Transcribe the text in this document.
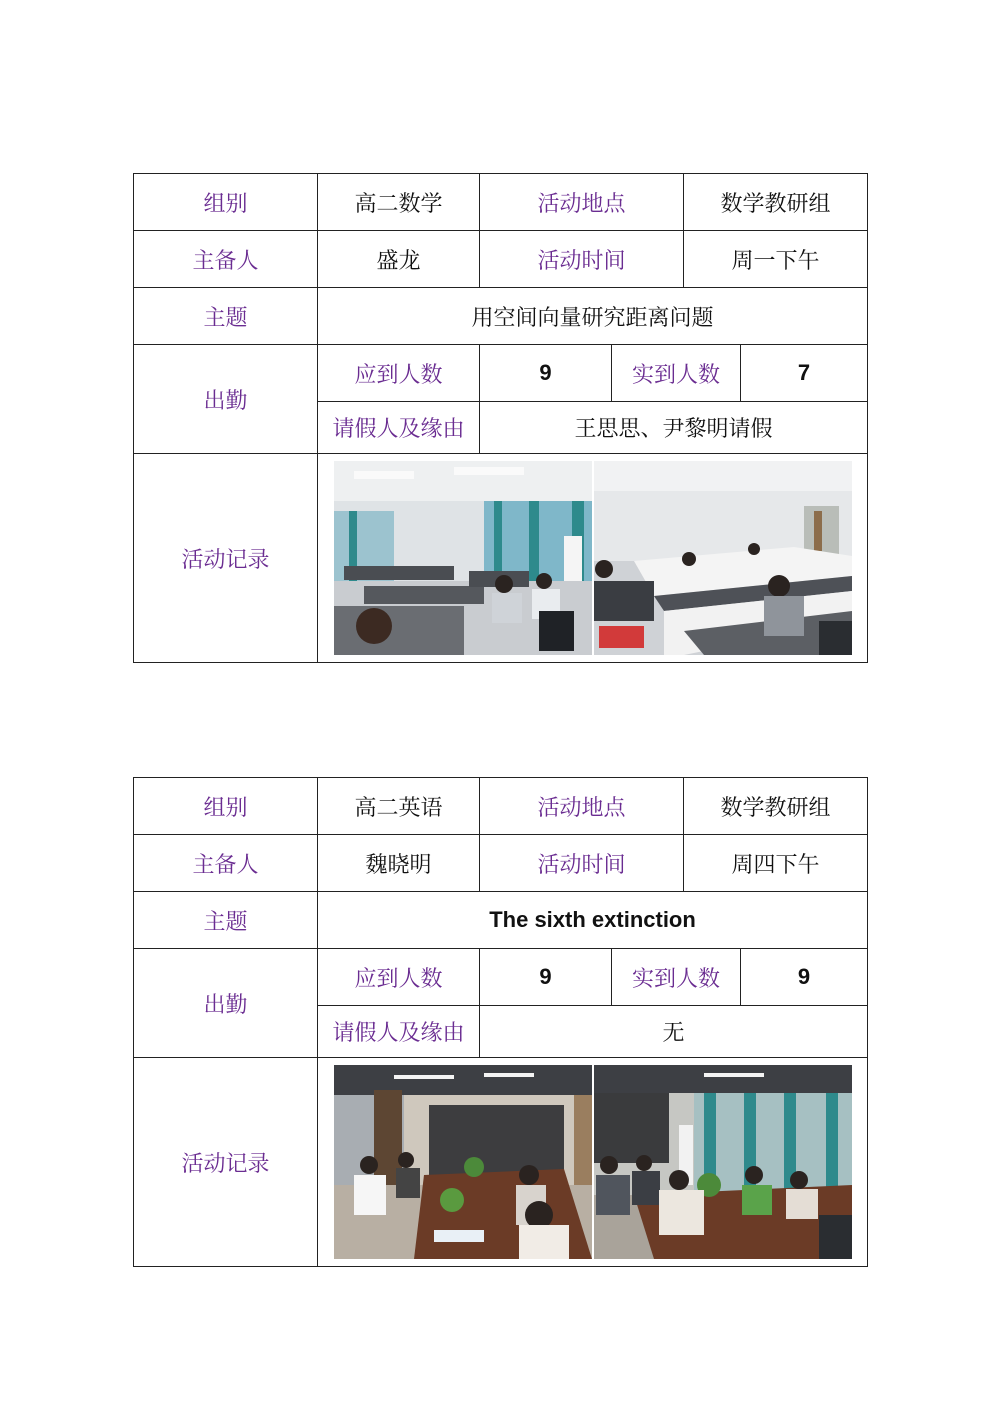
组别	高二数学	活动地点		数学教研组	
主备人	盛龙	活动时间		周一下午	
主题	用空间向量研究距离问题				
出勤	应到人数	9	实到人数		7
	请假人及缘由	王思思、尹黎明请假			
活动记录	
组别	高二英语	活动地点		数学教研组	
主备人	魏晓明	活动时间		周四下午	
主题	The sixth extinction				
出勤	应到人数	9	实到人数		9
	请假人及缘由	无			
活动记录	
